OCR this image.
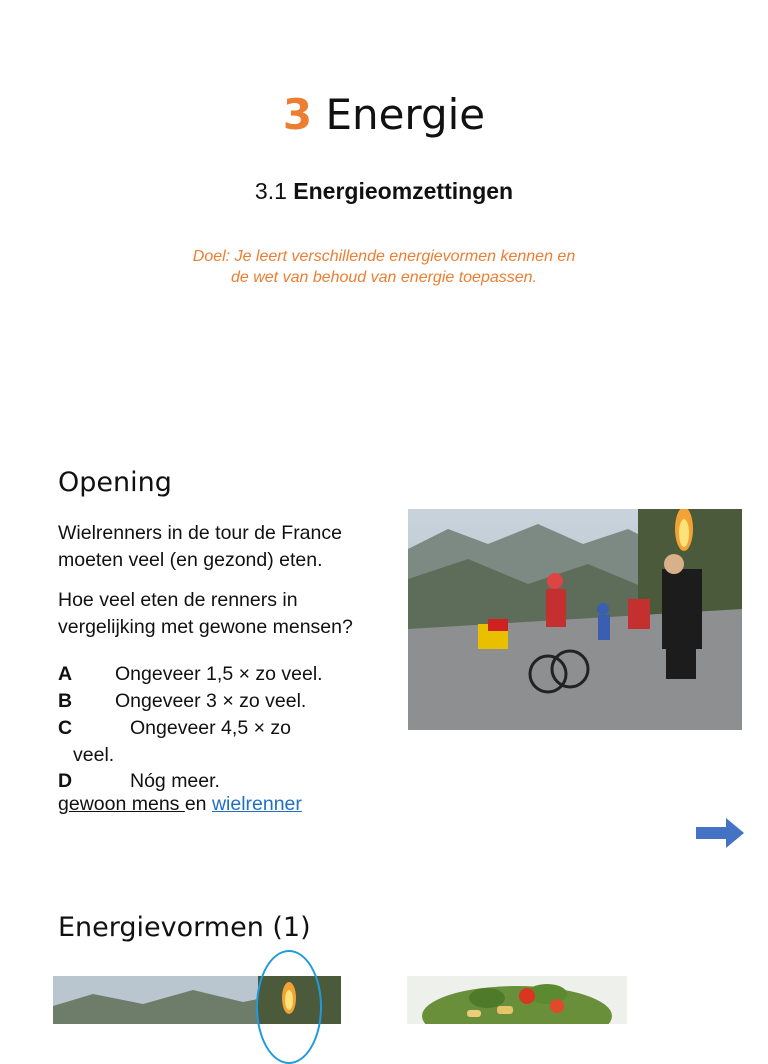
3 Energie
3.1 Energieomzettingen
Doel: Je leert verschillende energievormen kennen en
de wet van behoud van energie toepassen.
Opening
Wielrenners in de tour de France
moeten veel (en gezond) eten.
Hoe veel eten de renners in
vergelijking met gewone mensen?
A Ongeveer 1,5 × zo veel.
B Ongeveer 3 × zo veel.
C	Ongeveer 4,5 × zo
veel.
D	Nóg meer.
gewoon mens en wielrenner
Energievormen (1)
